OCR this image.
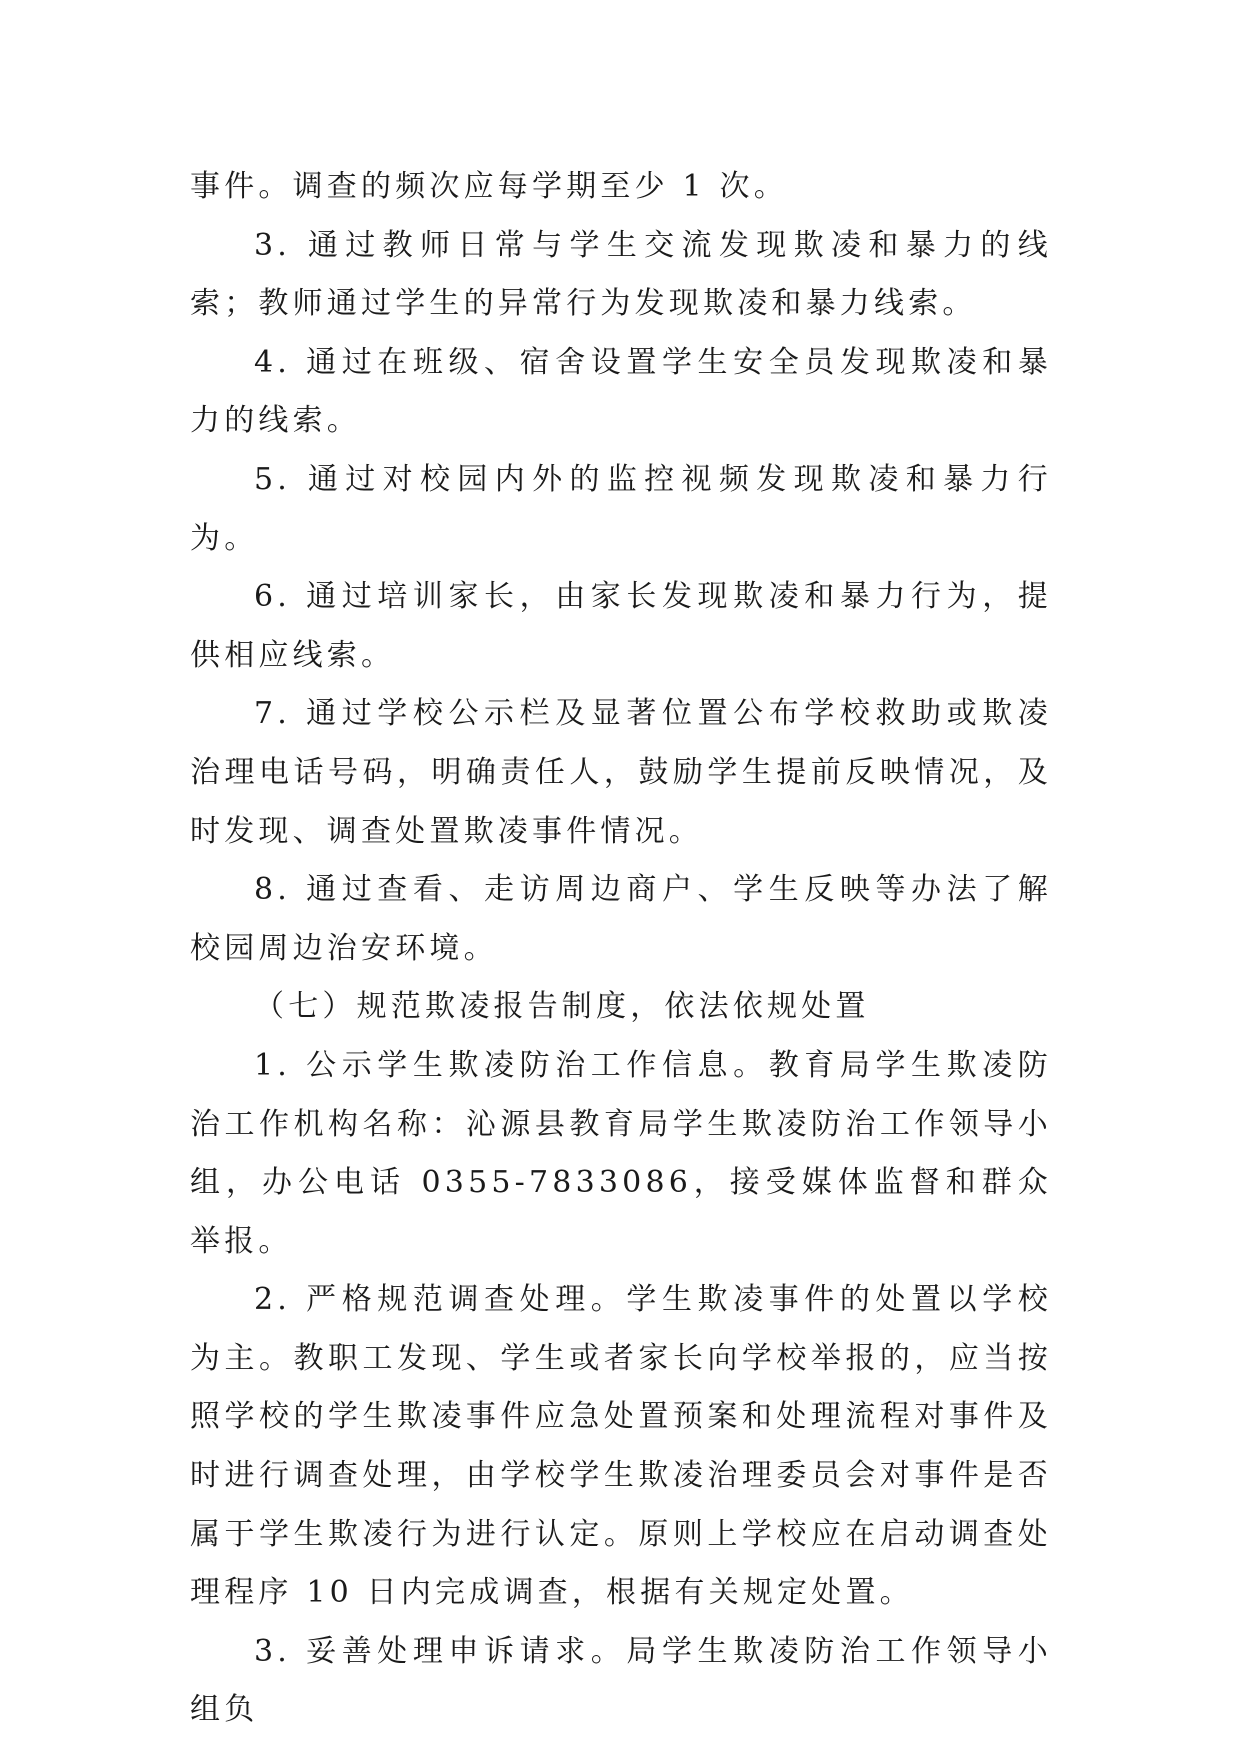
事件。调查的频次应每学期至少 1 次。

3. 通过教师日常与学生交流发现欺凌和暴力的线索；教师通过学生的异常行为发现欺凌和暴力线索。

4. 通过在班级、宿舍设置学生安全员发现欺凌和暴力的线索。

5. 通过对校园内外的监控视频发现欺凌和暴力行为。

6. 通过培训家长，由家长发现欺凌和暴力行为，提供相应线索。

7. 通过学校公示栏及显著位置公布学校救助或欺凌治理电话号码，明确责任人，鼓励学生提前反映情况，及时发现、调查处置欺凌事件情况。

8. 通过查看、走访周边商户、学生反映等办法了解校园周边治安环境。

（七）规范欺凌报告制度，依法依规处置

1. 公示学生欺凌防治工作信息。教育局学生欺凌防治工作机构名称：沁源县教育局学生欺凌防治工作领导小组，办公电话 0355-7833086，接受媒体监督和群众举报。

2. 严格规范调查处理。学生欺凌事件的处置以学校为主。教职工发现、学生或者家长向学校举报的，应当按照学校的学生欺凌事件应急处置预案和处理流程对事件及时进行调查处理，由学校学生欺凌治理委员会对事件是否属于学生欺凌行为进行认定。原则上学校应在启动调查处理程序 10 日内完成调查，根据有关规定处置。

3. 妥善处理申诉请求。局学生欺凌防治工作领导小组负
